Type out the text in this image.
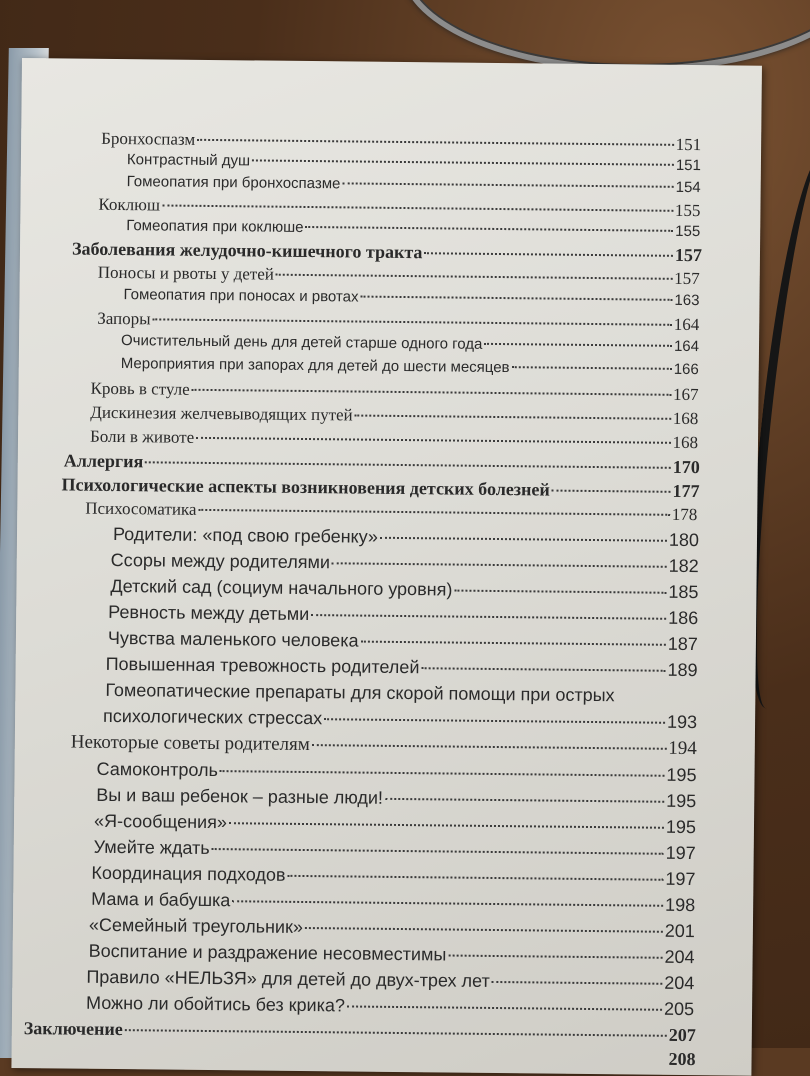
Бронхоспазм	151
Контрастный душ	151
Гомеопатия при бронхоспазме	154
Коклюш	155
Гомеопатия при коклюше	155
Заболевания желудочно-кишечного тракта	157
Поносы и рвоты у детей	157
Гомеопатия при поносах и рвотах	163
Запоры	164
Очистительный день для детей старше одного года	164
Мероприятия при запорах для детей до шести месяцев	166
Кровь в стуле	167
Дискинезия желчевыводящих путей	168
Боли в животе	168
Аллергия	170
Психологические аспекты возникновения детских болезней	177
Психосоматика	178
Родители: «под свою гребенку»	180
Ссоры между родителями	182
Детский сад (социум начального уровня)	185
Ревность между детьми	186
Чувства маленького человека	187
Повышенная тревожность родителей	189
Гомеопатические препараты для скорой помощи при острых
психологических стрессах	193
Некоторые советы родителям	194
Самоконтроль	195
Вы и ваш ребенок – разные люди!	195
«Я-сообщения»	195
Умейте ждать	197
Координация подходов	197
Мама и бабушка	198
«Семейный треугольник»	201
Воспитание и раздражение несовместимы	204
Правило «НЕЛЬЗЯ» для детей до двух-трех лет	204
Можно ли обойтись без крика?	205
Заключение	207
208
